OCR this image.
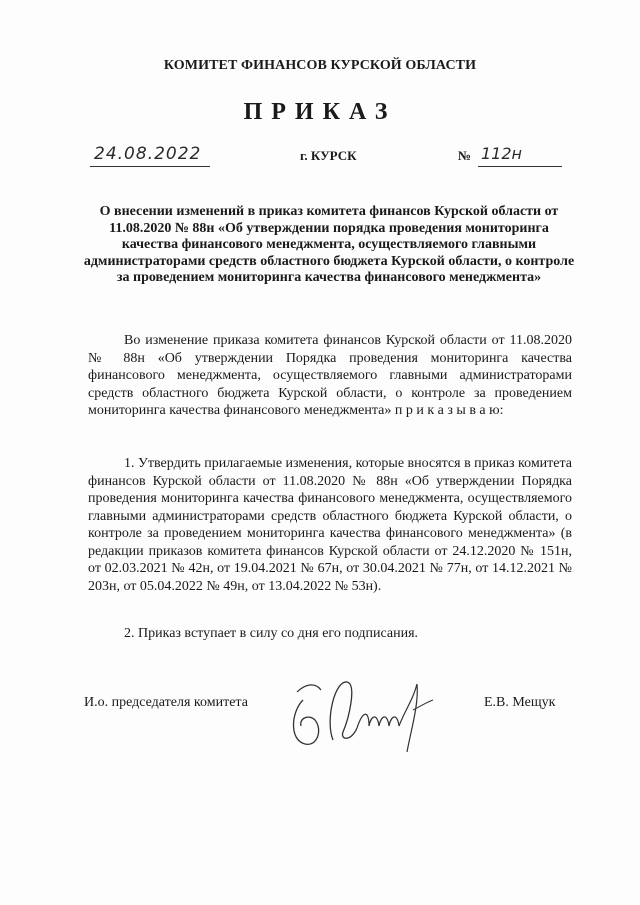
КОМИТЕТ ФИНАНСОВ КУРСКОЙ ОБЛАСТИ
ПРИКАЗ
24.08.2022	г. КУРСК	№ 112н
О внесении изменений в приказ комитета финансов Курской области от 11.08.2020 № 88н «Об утверждении порядка проведения мониторинга качества финансового менеджмента, осуществляемого главными администраторами средств областного бюджета Курской области, о контроле за проведением мониторинга качества финансового менеджмента»
Во изменение приказа комитета финансов Курской области от 11.08.2020 № 88н «Об утверждении Порядка проведения мониторинга качества финансового менеджмента, осуществляемого главными администраторами средств областного бюджета Курской области, о контроле за проведением мониторинга качества финансового менеджмента» п р и к а з ы в а ю:
1. Утвердить прилагаемые изменения, которые вносятся в приказ комитета финансов Курской области от 11.08.2020 № 88н «Об утверждении Порядка проведения мониторинга качества финансового менеджмента, осуществляемого главными администраторами средств областного бюджета Курской области, о контроле за проведением мониторинга качества финансового менеджмента» (в редакции приказов комитета финансов Курской области от 24.12.2020 № 151н, от 02.03.2021 № 42н, от 19.04.2021 № 67н, от 30.04.2021 № 77н, от 14.12.2021 № 203н, от 05.04.2022 № 49н, от 13.04.2022 № 53н).
2. Приказ вступает в силу со дня его подписания.
И.о. председателя комитета	Е.В. Мещук
